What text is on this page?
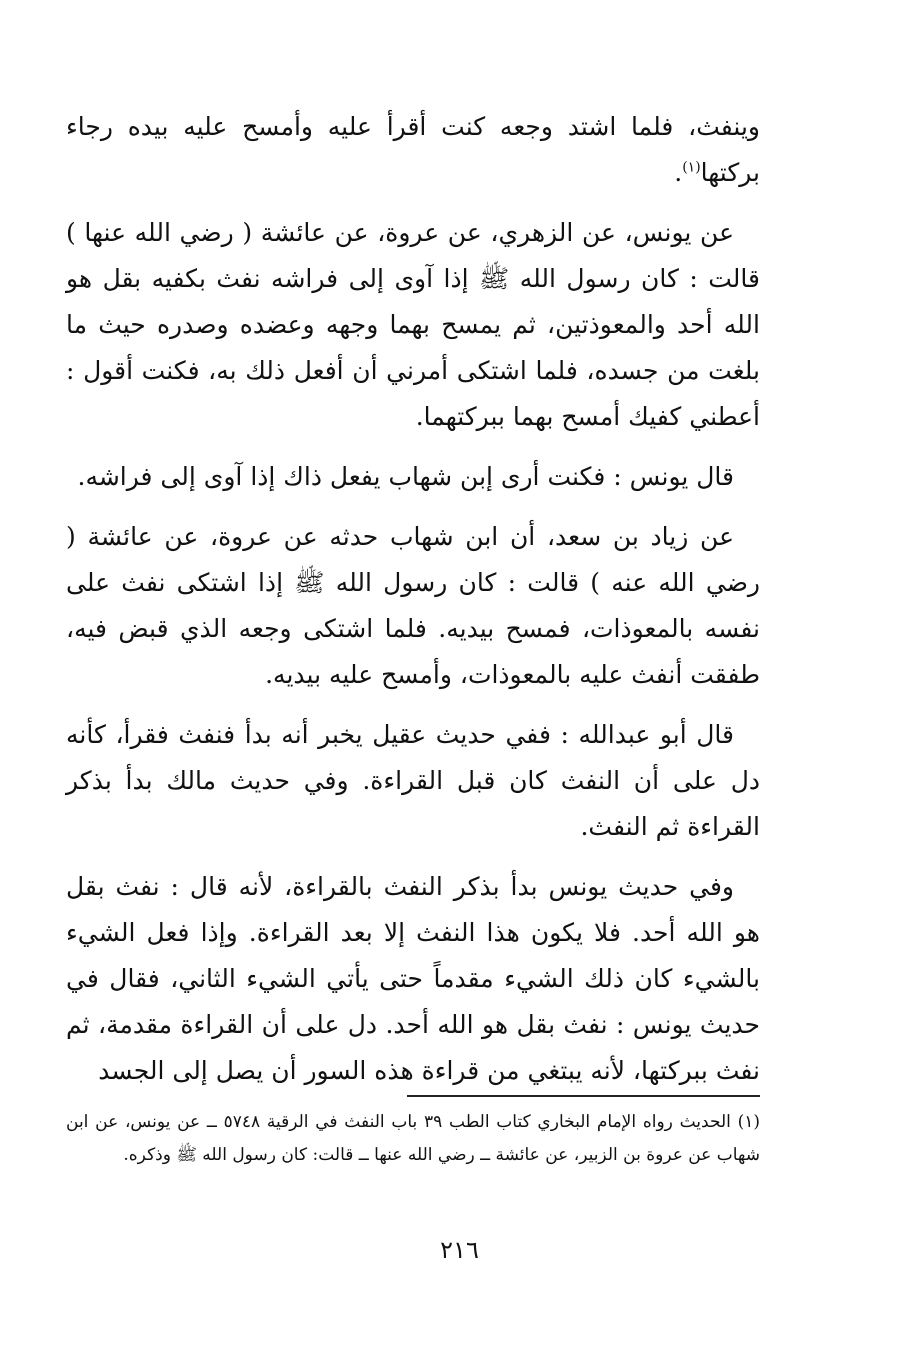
وينفث، فلما اشتد وجعه كنت أقرأ عليه وأمسح عليه بيده رجاء بركتها$^{(١)}$.

عن يونس، عن الزهري، عن عروة، عن عائشة ( رضي الله عنها ) قالت : كان رسول الله ﷺ إذا آوى إلى فراشه نفث بكفيه بقل هو الله أحد والمعوذتين، ثم يمسح بهما وجهه وعضده وصدره حيث ما بلغت من جسده، فلما اشتكى أمرني أن أفعل ذلك به، فكنت أقول : أعطني كفيك أمسح بهما ببركتهما.

قال يونس : فكنت أرى إبن شهاب يفعل ذاك إذا آوى إلى فراشه.

عن زياد بن سعد، أن ابن شهاب حدثه عن عروة، عن عائشة ( رضي الله عنه ) قالت : كان رسول الله ﷺ إذا اشتكى نفث على نفسه بالمعوذات، فمسح بيديه. فلما اشتكى وجعه الذي قبض فيه، طفقت أنفث عليه بالمعوذات، وأمسح عليه بيديه.

قال أبو عبدالله : ففي حديث عقيل يخبر أنه بدأ فنفث فقرأ، كأنه دل على أن النفث كان قبل القراءة. وفي حديث مالك بدأ بذكر القراءة ثم النفث.

وفي حديث يونس بدأ بذكر النفث بالقراءة، لأنه قال : نفث بقل هو الله أحد. فلا يكون هذا النفث إلا بعد القراءة. وإذا فعل الشيء بالشيء كان ذلك الشيء مقدماً حتى يأتي الشيء الثاني، فقال في حديث يونس : نفث بقل هو الله أحد. دل على أن القراءة مقدمة، ثم نفث ببركتها، لأنه يبتغي من قراءة هذه السور أن يصل إلى الجسد

(١) الحديث رواه الإمام البخاري كتاب الطب ٣٩ باب النفث في الرقية ٥٧٤٨ ــ عن يونس، عن ابن شهاب عن عروة بن الزبير، عن عائشة ــ رضي الله عنها ــ قالت: كان رسول الله ﷺ وذكره.
٢١٦
